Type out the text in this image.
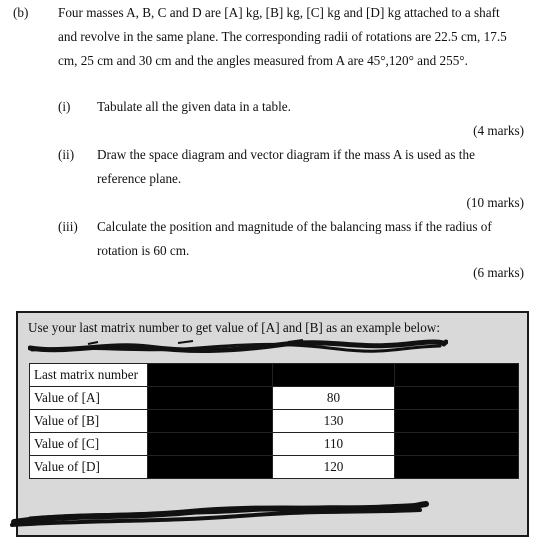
(b) Four masses A, B, C and D are [A] kg, [B] kg, [C] kg and [D] kg attached to a shaft
and revolve in the same plane. The corresponding radii of rotations are 22.5 cm, 17.5
cm, 25 cm and 30 cm and the angles measured from A are 45°,120° and 255°.
(i) Tabulate all the given data in a table.
(4 marks)
(ii) Draw the space diagram and vector diagram if the mass A is used as the
reference plane.
(10 marks)
(iii) Calculate the position and magnitude of the balancing mass if the radius of
rotation is 60 cm.
(6 marks)
Use your last matrix number to get value of [A] and [B] as an example below:
Last matrix number			
Value of [A]		80	
Value of [B]		130	
Value of [C]		110	
Value of [D]		120	
